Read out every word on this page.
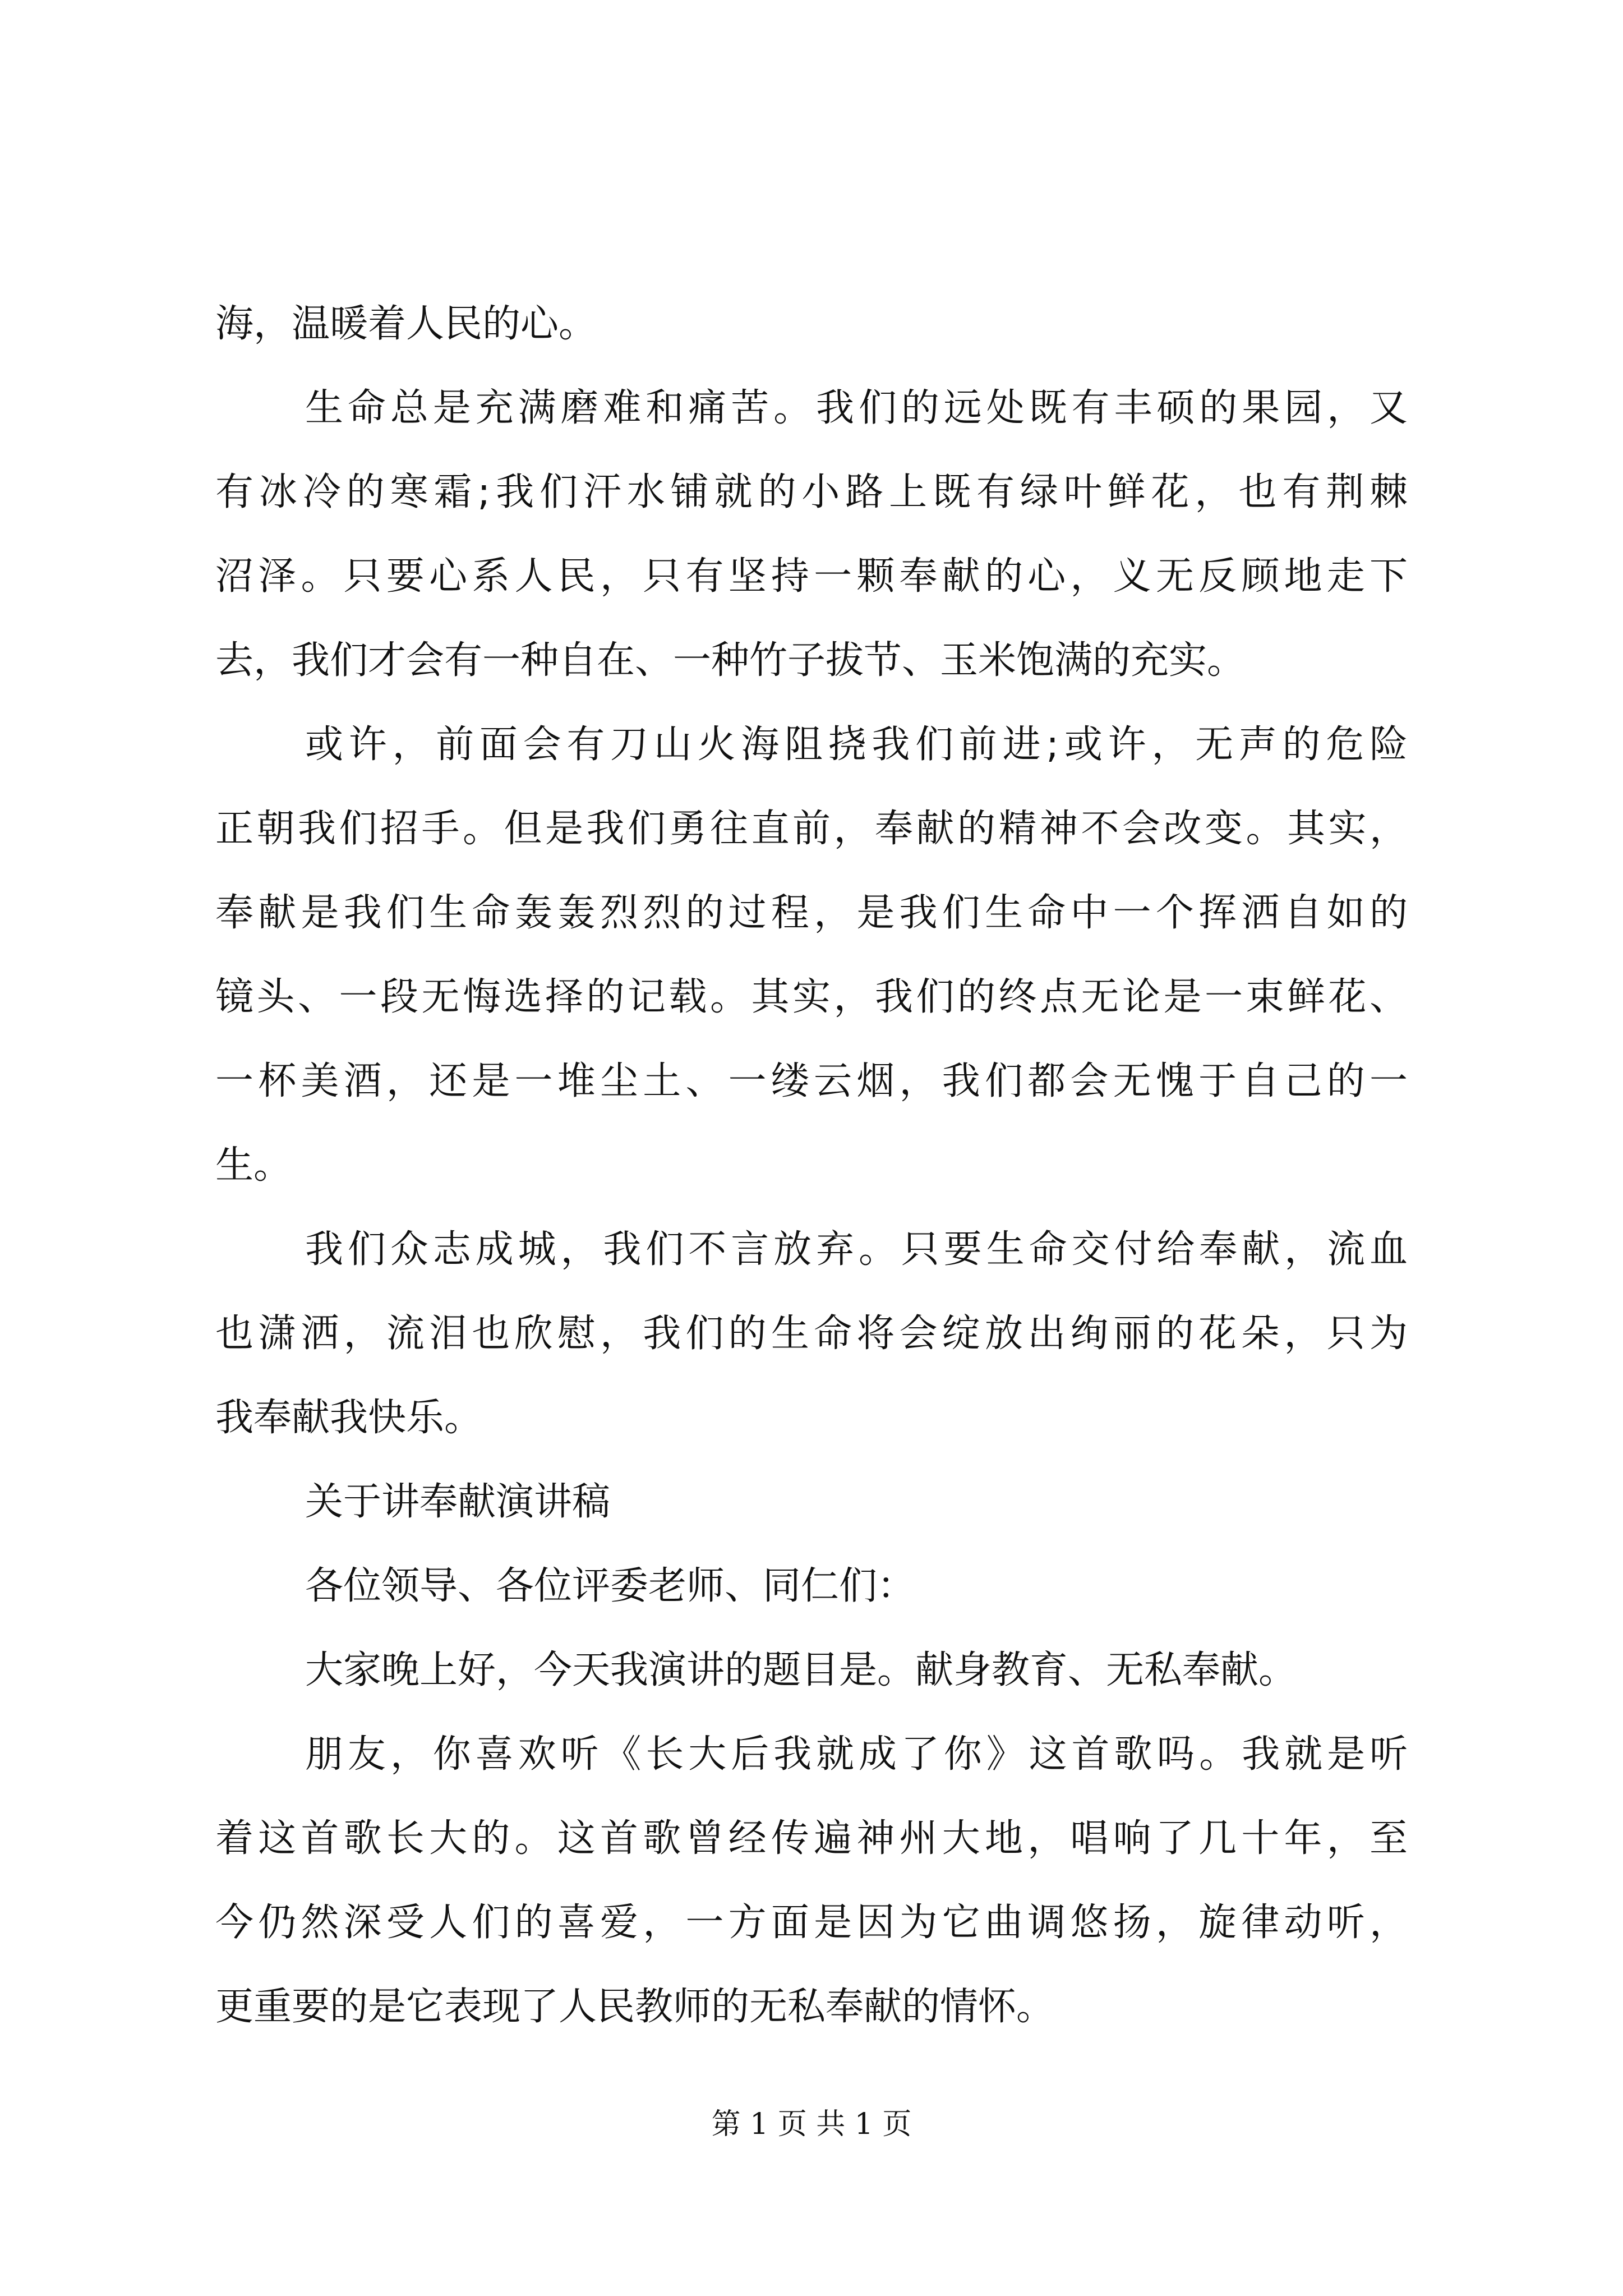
海，温暖着人民的心。

生命总是充满磨难和痛苦。我们的远处既有丰硕的果园，又

有冰冷的寒霜;我们汗水铺就的小路上既有绿叶鲜花，也有荆棘

沼泽。只要心系人民，只有坚持一颗奉献的心，义无反顾地走下

去，我们才会有一种自在、一种竹子拔节、玉米饱满的充实。

或许，前面会有刀山火海阻挠我们前进;或许，无声的危险

正朝我们招手。但是我们勇往直前，奉献的精神不会改变。其实，

奉献是我们生命轰轰烈烈的过程，是我们生命中一个挥洒自如的

镜头、一段无悔选择的记载。其实，我们的终点无论是一束鲜花、

一杯美酒，还是一堆尘土、一缕云烟，我们都会无愧于自己的一

生。

我们众志成城，我们不言放弃。只要生命交付给奉献，流血

也潇洒，流泪也欣慰，我们的生命将会绽放出绚丽的花朵，只为

我奉献我快乐。

关于讲奉献演讲稿

各位领导、各位评委老师、同仁们：

大家晚上好，今天我演讲的题目是。献身教育、无私奉献。

朋友，你喜欢听《长大后我就成了你》这首歌吗。我就是听

着这首歌长大的。这首歌曾经传遍神州大地，唱响了几十年，至

今仍然深受人们的喜爱，一方面是因为它曲调悠扬，旋律动听，

更重要的是它表现了人民教师的无私奉献的情怀。

第 1 页 共 1 页
